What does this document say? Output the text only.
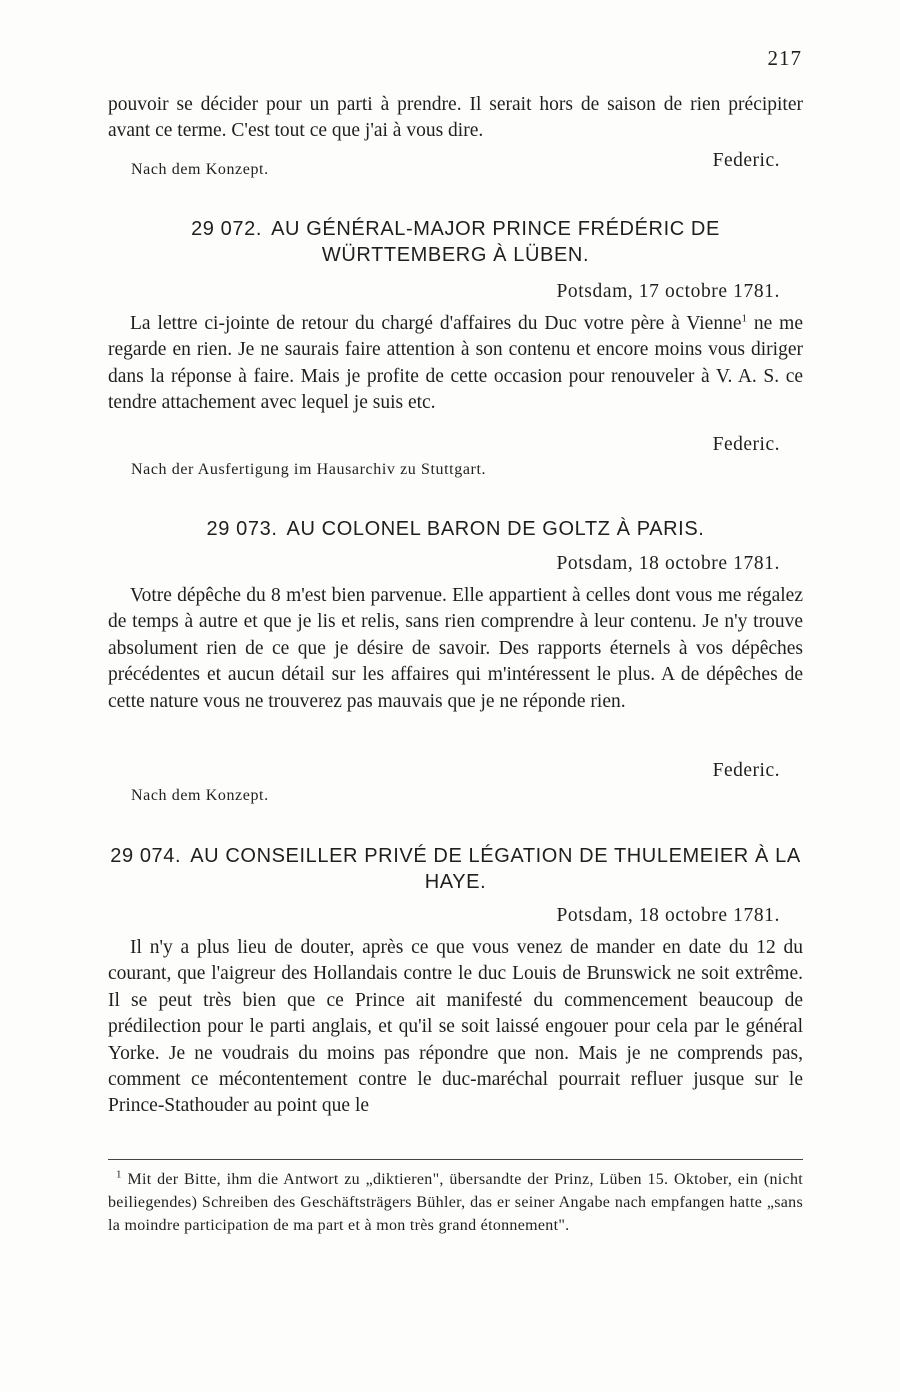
217

pouvoir se décider pour un parti à prendre. Il serait hors de saison de rien précipiter avant ce terme. C'est tout ce que j'ai à vous dire.

Nach dem Konzept.	Federic.
29 072. AU GÉNÉRAL-MAJOR PRINCE FRÉDÉRIC DE WÜRTTEMBERG À LÜBEN.
Potsdam, 17 octobre 1781.

La lettre ci-jointe de retour du chargé d'affaires du Duc votre père à Vienne$^1$ ne me regarde en rien. Je ne saurais faire attention à son contenu et encore moins vous diriger dans la réponse à faire. Mais je profite de cette occasion pour renouveler à V. A. S. ce tendre attachement avec lequel je suis etc.

Federic.
Nach der Ausfertigung im Hausarchiv zu Stuttgart.
29 073. AU COLONEL BARON DE GOLTZ À PARIS.
Potsdam, 18 octobre 1781.

Votre dépêche du 8 m'est bien parvenue. Elle appartient à celles dont vous me régalez de temps à autre et que je lis et relis, sans rien comprendre à leur contenu. Je n'y trouve absolument rien de ce que je désire de savoir. Des rapports éternels à vos dépêches précédentes et aucun détail sur les affaires qui m'intéressent le plus. A de dépêches de cette nature vous ne trouverez pas mauvais que je ne réponde rien.

Federic.
Nach dem Konzept.
29 074. AU CONSEILLER PRIVÉ DE LÉGATION DE THULEMEIER À LA HAYE.
Potsdam, 18 octobre 1781.

Il n'y a plus lieu de douter, après ce que vous venez de mander en date du 12 du courant, que l'aigreur des Hollandais contre le duc Louis de Brunswick ne soit extrême. Il se peut très bien que ce Prince ait manifesté du commencement beaucoup de prédilection pour le parti anglais, et qu'il se soit laissé engouer pour cela par le général Yorke. Je ne voudrais du moins pas répondre que non. Mais je ne comprends pas, comment ce mécontentement contre le duc-maréchal pourrait refluer jusque sur le Prince-Stathouder au point que le

$^1$ Mit der Bitte, ihm die Antwort zu „diktieren", übersandte der Prinz, Lüben 15. Oktober, ein (nicht beiliegendes) Schreiben des Geschäftsträgers Bühler, das er seiner Angabe nach empfangen hatte „sans la moindre participation de ma part et à mon très grand étonnement".
